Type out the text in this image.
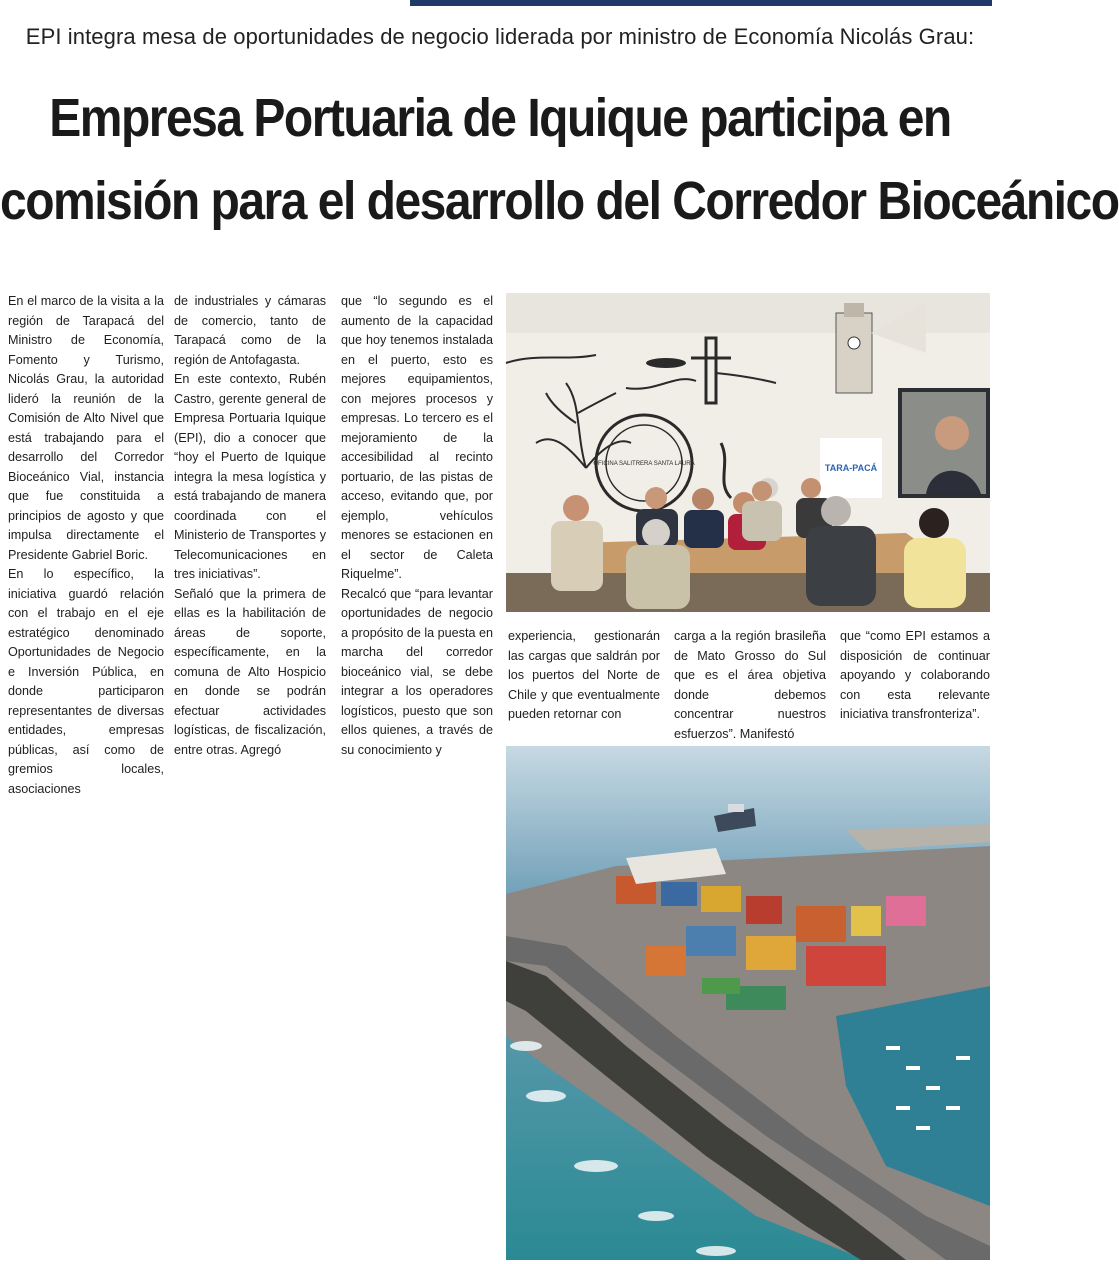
EPI integra mesa de oportunidades de negocio liderada por ministro de Economía Nicolás Grau:
Empresa Portuaria de Iquique participa en
comisión para el desarrollo del Corredor Bioceánico

En el marco de la visita a la región de Tarapacá del Ministro de Economía, Fomento y Turismo, Nicolás Grau, la autoridad lideró la reunión de la Comisión de Alto Nivel que está trabajando para el desarrollo del Corredor Bioceánico Vial, instancia que fue constituida a principios de agosto y que impulsa directamente el Presidente Gabriel Boric.

En lo específico, la iniciativa guardó relación con el trabajo en el eje estratégico denominado Oportunidades de Negocio e Inversión Pública, en donde participaron representantes de diversas entidades, empresas públicas, así como de gremios locales, asociaciones

de industriales y cámaras de comercio, tanto de Tarapacá como de la región de Antofagasta.

En este contexto, Rubén Castro, gerente general de Empresa Portuaria Iquique (EPI), dio a conocer que “hoy el Puerto de Iquique integra la mesa logística y está trabajando de manera coordinada con el Ministerio de Transportes y Telecomunicaciones en tres iniciativas”.

Señaló que la primera de ellas es la habilitación de áreas de soporte, específicamente, en la comuna de Alto Hospicio en donde se podrán efectuar actividades logísticas, de fiscalización, entre otras. Agregó

que “lo segundo es el aumento de la capacidad que hoy tenemos instalada en el puerto, esto es mejores equipamientos, con mejores procesos y empresas. Lo tercero es el mejoramiento de la accesibilidad al recinto portuario, de las pistas de acceso, evitando que, por ejemplo, vehículos menores se estacionen en el sector de Caleta Riquelme”.

Recalcó que “para levantar oportunidades de negocio a propósito de la puesta en marcha del corredor bioceánico vial, se debe integrar a los operadores logísticos, puesto que son ellos quienes, a través de su conocimiento y

experiencia, gestionarán las cargas que saldrán por los puertos del Norte de Chile y que eventualmente pueden retornar con

carga a la región brasileña de Mato Grosso do Sul que es el área objetiva donde debemos concentrar nuestros esfuerzos”. Manifestó

que “como EPI estamos a disposición de continuar apoyando y colaborando con esta relevante iniciativa transfronteriza”.

OFICINA SALITRERA SANTA LAURA	TARA-PACÁ
